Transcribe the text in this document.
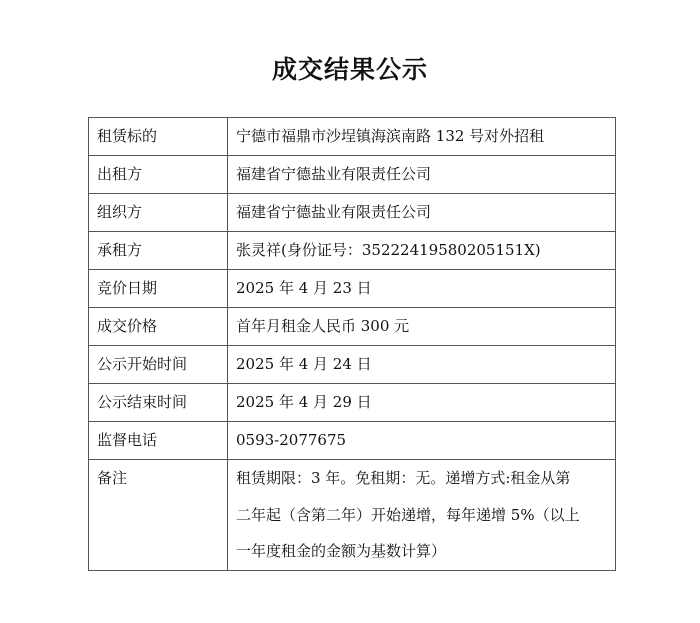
成交结果公示
租赁标的	宁德市福鼎市沙埕镇海滨南路 132 号对外招租
出租方	福建省宁德盐业有限责任公司
组织方	福建省宁德盐业有限责任公司
承租方	张灵祥(身份证号：35222419580205151X)
竞价日期	2025 年 4 月 23 日
成交价格	首年月租金人民币 300 元
公示开始时间	2025 年 4 月 24 日
公示结束时间	2025 年 4 月 29 日
监督电话	0593-2077675
备注	租赁期限：3 年。免租期：无。递增方式:租金从第
二年起（含第二年）开始递增，每年递增 5%（以上
一年度租金的金额为基数计算）
